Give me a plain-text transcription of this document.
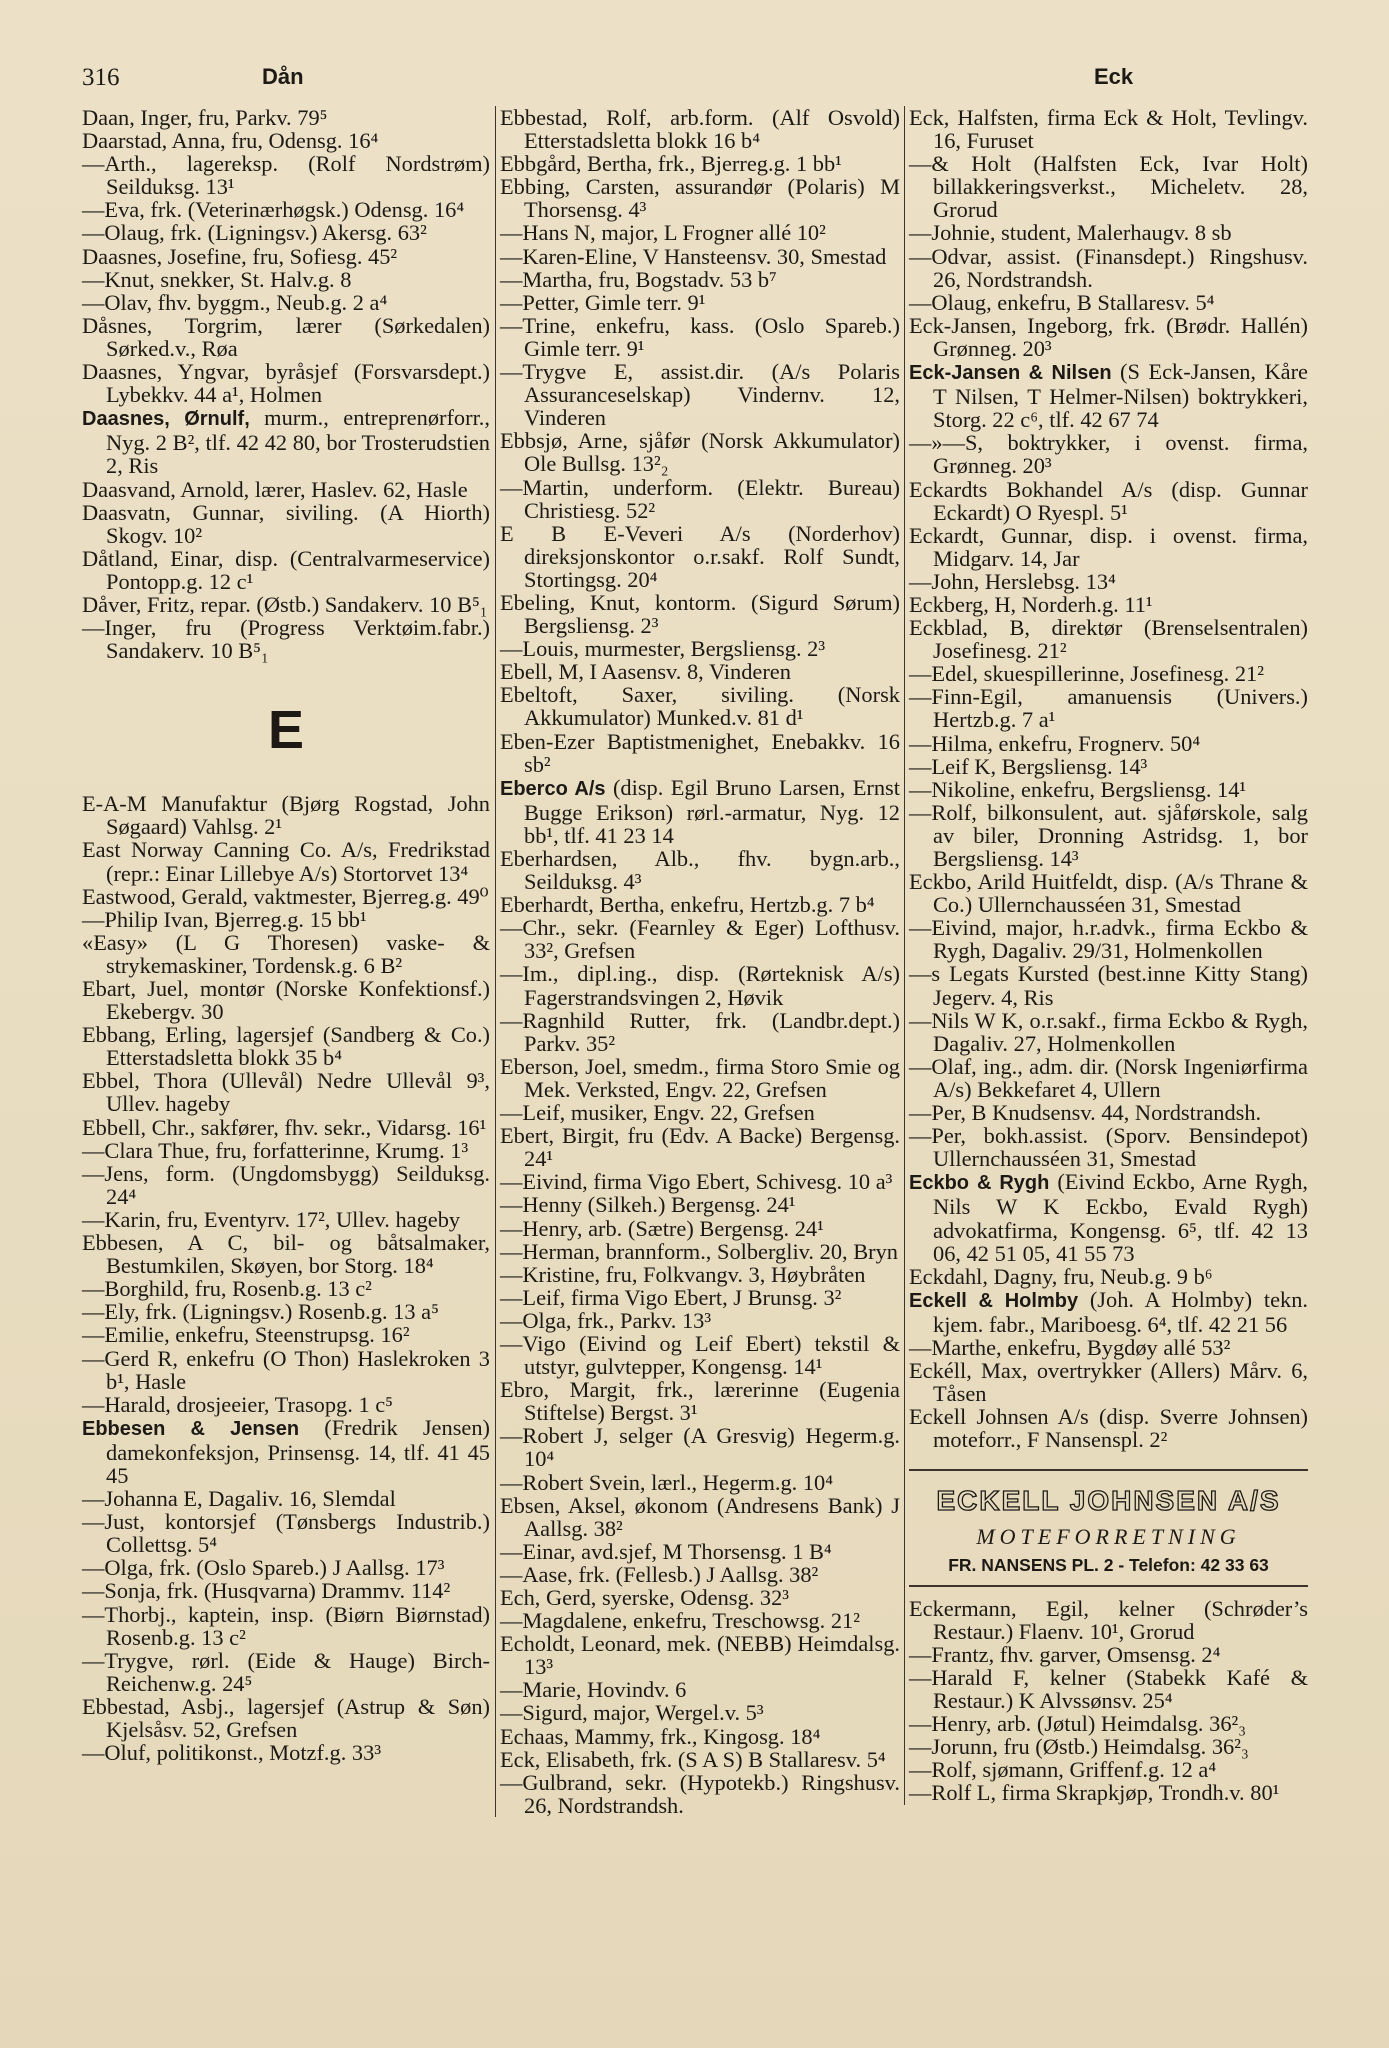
316	Dån	Eck

Daan, Inger, fru, Parkv. 79⁵

Daarstad, Anna, fru, Odensg. 16⁴

—Arth., lagereksp. (Rolf Nordstrøm) Seilduksg. 13¹

—Eva, frk. (Veterinærhøgsk.) Odensg. 16⁴

—Olaug, frk. (Ligningsv.) Akersg. 63²

Daasnes, Josefine, fru, Sofiesg. 45²

—Knut, snekker, St. Halv.g. 8

—Olav, fhv. byggm., Neub.g. 2 a⁴

Dåsnes, Torgrim, lærer (Sørkedalen) Sørked.v., Røa

Daasnes, Yngvar, byråsjef (Forsvarsdept.) Lybekkv. 44 a¹, Holmen

Daasnes, Ørnulf, murm., entreprenørforr., Nyg. 2 B², tlf. 42 42 80, bor Trosterudstien 2, Ris

Daasvand, Arnold, lærer, Haslev. 62, Hasle

Daasvatn, Gunnar, siviling. (A Hiorth) Skogv. 10²

Dåtland, Einar, disp. (Centralvarmeservice) Pontopp.g. 12 c¹

Dåver, Fritz, repar. (Østb.) Sandakerv. 10 B⁵₁

—Inger, fru (Progress Verktøim.fabr.) Sandakerv. 10 B⁵₁

E

E-A-M Manufaktur (Bjørg Rogstad, John Søgaard) Vahlsg. 2¹

East Norway Canning Co. A/s, Fredrikstad (repr.: Einar Lillebye A/s) Stortorvet 13⁴

Eastwood, Gerald, vaktmester, Bjerreg.g. 49⁰

—Philip Ivan, Bjerreg.g. 15 bb¹

«Easy» (L G Thoresen) vaske- & strykemaskiner, Tordensk.g. 6 B²

Ebart, Juel, montør (Norske Konfektionsf.) Ekebergv. 30

Ebbang, Erling, lagersjef (Sandberg & Co.) Etterstadsletta blokk 35 b⁴

Ebbel, Thora (Ullevål) Nedre Ullevål 9³, Ullev. hageby

Ebbell, Chr., sakfører, fhv. sekr., Vidarsg. 16¹

—Clara Thue, fru, forfatterinne, Krumg. 1³

—Jens, form. (Ungdomsbygg) Seilduksg. 24⁴

—Karin, fru, Eventyrv. 17², Ullev. hageby

Ebbesen, A C, bil- og båtsalmaker, Bestumkilen, Skøyen, bor Storg. 18⁴

—Borghild, fru, Rosenb.g. 13 c²

—Ely, frk. (Ligningsv.) Rosenb.g. 13 a⁵

—Emilie, enkefru, Steenstrupsg. 16²

—Gerd R, enkefru (O Thon) Haslekroken 3 b¹, Hasle

—Harald, drosjeeier, Trasopg. 1 c⁵

Ebbesen & Jensen (Fredrik Jensen) damekonfeksjon, Prinsensg. 14, tlf. 41 45 45

—Johanna E, Dagaliv. 16, Slemdal

—Just, kontorsjef (Tønsbergs Industrib.) Collettsg. 5⁴

—Olga, frk. (Oslo Spareb.) J Aallsg. 17³

—Sonja, frk. (Husqvarna) Drammv. 114²

—Thorbj., kaptein, insp. (Biørn Biørnstad) Rosenb.g. 13 c²

—Trygve, rørl. (Eide & Hauge) Birch-Reichenw.g. 24⁵

Ebbestad, Asbj., lagersjef (Astrup & Søn) Kjelsåsv. 52, Grefsen

—Oluf, politikonst., Motzf.g. 33³

Ebbestad, Rolf, arb.form. (Alf Osvold) Etterstadsletta blokk 16 b⁴

Ebbgård, Bertha, frk., Bjerreg.g. 1 bb¹

Ebbing, Carsten, assurandør (Polaris) M Thorsensg. 4³

—Hans N, major, L Frogner allé 10²

—Karen-Eline, V Hansteensv. 30, Smestad

—Martha, fru, Bogstadv. 53 b⁷

—Petter, Gimle terr. 9¹

—Trine, enkefru, kass. (Oslo Spareb.) Gimle terr. 9¹

—Trygve E, assist.dir. (A/s Polaris Assuranceselskap) Vindernv. 12, Vinderen

Ebbsjø, Arne, sjåfør (Norsk Akkumulator) Ole Bullsg. 13²₂

—Martin, underform. (Elektr. Bureau) Christiesg. 52²

E B E-Veveri A/s (Norderhov) direksjonskontor o.r.sakf. Rolf Sundt, Stortingsg. 20⁴

Ebeling, Knut, kontorm. (Sigurd Sørum) Bergsliensg. 2³

—Louis, murmester, Bergsliensg. 2³

Ebell, M, I Aasensv. 8, Vinderen

Ebeltoft, Saxer, siviling. (Norsk Akkumulator) Munked.v. 81 d¹

Eben-Ezer Baptistmenighet, Enebakkv. 16 sb²

Eberco A/s (disp. Egil Bruno Larsen, Ernst Bugge Erikson) rørl.-armatur, Nyg. 12 bb¹, tlf. 41 23 14

Eberhardsen, Alb., fhv. bygn.arb., Seilduksg. 4³

Eberhardt, Bertha, enkefru, Hertzb.g. 7 b⁴

—Chr., sekr. (Fearnley & Eger) Lofthusv. 33², Grefsen

—Im., dipl.ing., disp. (Rørteknisk A/s) Fagerstrandsvingen 2, Høvik

—Ragnhild Rutter, frk. (Landbr.dept.) Parkv. 35²

Eberson, Joel, smedm., firma Storo Smie og Mek. Verksted, Engv. 22, Grefsen

—Leif, musiker, Engv. 22, Grefsen

Ebert, Birgit, fru (Edv. A Backe) Bergensg. 24¹

—Eivind, firma Vigo Ebert, Schivesg. 10 a³

—Henny (Silkeh.) Bergensg. 24¹

—Henry, arb. (Sætre) Bergensg. 24¹

—Herman, brannform., Solbergliv. 20, Bryn

—Kristine, fru, Folkvangv. 3, Høybråten

—Leif, firma Vigo Ebert, J Brunsg. 3²

—Olga, frk., Parkv. 13³

—Vigo (Eivind og Leif Ebert) tekstil & utstyr, gulvtepper, Kongensg. 14¹

Ebro, Margit, frk., lærerinne (Eugenia Stiftelse) Bergst. 3¹

—Robert J, selger (A Gresvig) Hegerm.g. 10⁴

—Robert Svein, lærl., Hegerm.g. 10⁴

Ebsen, Aksel, økonom (Andresens Bank) J Aallsg. 38²

—Einar, avd.sjef, M Thorsensg. 1 B⁴

—Aase, frk. (Fellesb.) J Aallsg. 38²

Ech, Gerd, syerske, Odensg. 32³

—Magdalene, enkefru, Treschowsg. 21²

Echoldt, Leonard, mek. (NEBB) Heimdalsg. 13³

—Marie, Hovindv. 6

—Sigurd, major, Wergel.v. 5³

Echaas, Mammy, frk., Kingosg. 18⁴

Eck, Elisabeth, frk. (S A S) B Stallaresv. 5⁴

—Gulbrand, sekr. (Hypotekb.) Ringshusv. 26, Nordstrandsh.

Eck, Halfsten, firma Eck & Holt, Tevlingv. 16, Furuset

—& Holt (Halfsten Eck, Ivar Holt) billakkeringsverkst., Micheletv. 28, Grorud

—Johnie, student, Malerhaugv. 8 sb

—Odvar, assist. (Finansdept.) Ringshusv. 26, Nordstrandsh.

—Olaug, enkefru, B Stallaresv. 5⁴

Eck-Jansen, Ingeborg, frk. (Brødr. Hallén) Grønneg. 20³

Eck-Jansen & Nilsen (S Eck-Jansen, Kåre T Nilsen, T Helmer-Nilsen) boktrykkeri, Storg. 22 c⁶, tlf. 42 67 74

—»—S, boktrykker, i ovenst. firma, Grønneg. 20³

Eckardts Bokhandel A/s (disp. Gunnar Eckardt) O Ryespl. 5¹

Eckardt, Gunnar, disp. i ovenst. firma, Midgarv. 14, Jar

—John, Herslebsg. 13⁴

Eckberg, H, Norderh.g. 11¹

Eckblad, B, direktør (Brenselsentralen) Josefinesg. 21²

—Edel, skuespillerinne, Josefinesg. 21²

—Finn-Egil, amanuensis (Univers.) Hertzb.g. 7 a¹

—Hilma, enkefru, Frognerv. 50⁴

—Leif K, Bergsliensg. 14³

—Nikoline, enkefru, Bergsliensg. 14¹

—Rolf, bilkonsulent, aut. sjåførskole, salg av biler, Dronning Astridsg. 1, bor Bergsliensg. 14³

Eckbo, Arild Huitfeldt, disp. (A/s Thrane & Co.) Ullernchausséen 31, Smestad

—Eivind, major, h.r.advk., firma Eckbo & Rygh, Dagaliv. 29/31, Holmenkollen

—s Legats Kursted (best.inne Kitty Stang) Jegerv. 4, Ris

—Nils W K, o.r.sakf., firma Eckbo & Rygh, Dagaliv. 27, Holmenkollen

—Olaf, ing., adm. dir. (Norsk Ingeniørfirma A/s) Bekkefaret 4, Ullern

—Per, B Knudsensv. 44, Nordstrandsh.

—Per, bokh.assist. (Sporv. Bensindepot) Ullernchausséen 31, Smestad

Eckbo & Rygh (Eivind Eckbo, Arne Rygh, Nils W K Eckbo, Evald Rygh) advokatfirma, Kongensg. 6⁵, tlf. 42 13 06, 42 51 05, 41 55 73

Eckdahl, Dagny, fru, Neub.g. 9 b⁶

Eckell & Holmby (Joh. A Holmby) tekn. kjem. fabr., Mariboesg. 6⁴, tlf. 42 21 56

—Marthe, enkefru, Bygdøy allé 53²

Eckéll, Max, overtrykker (Allers) Mårv. 6, Tåsen

Eckell Johnsen A/s (disp. Sverre Johnsen) moteforr., F Nansenspl. 2²

ECKELL JOHNSEN A/S
MOTEFORRETNING
FR. NANSENS PL. 2 - Telefon: 42 33 63

Eckermann, Egil, kelner (Schrøder’s Restaur.) Flaenv. 10¹, Grorud

—Frantz, fhv. garver, Omsensg. 2⁴

—Harald F, kelner (Stabekk Kafé & Restaur.) K Alvssønsv. 25⁴

—Henry, arb. (Jøtul) Heimdalsg. 36²₃

—Jorunn, fru (Østb.) Heimdalsg. 36²₃

—Rolf, sjømann, Griffenf.g. 12 a⁴

—Rolf L, firma Skrapkjøp, Trondh.v. 80¹
